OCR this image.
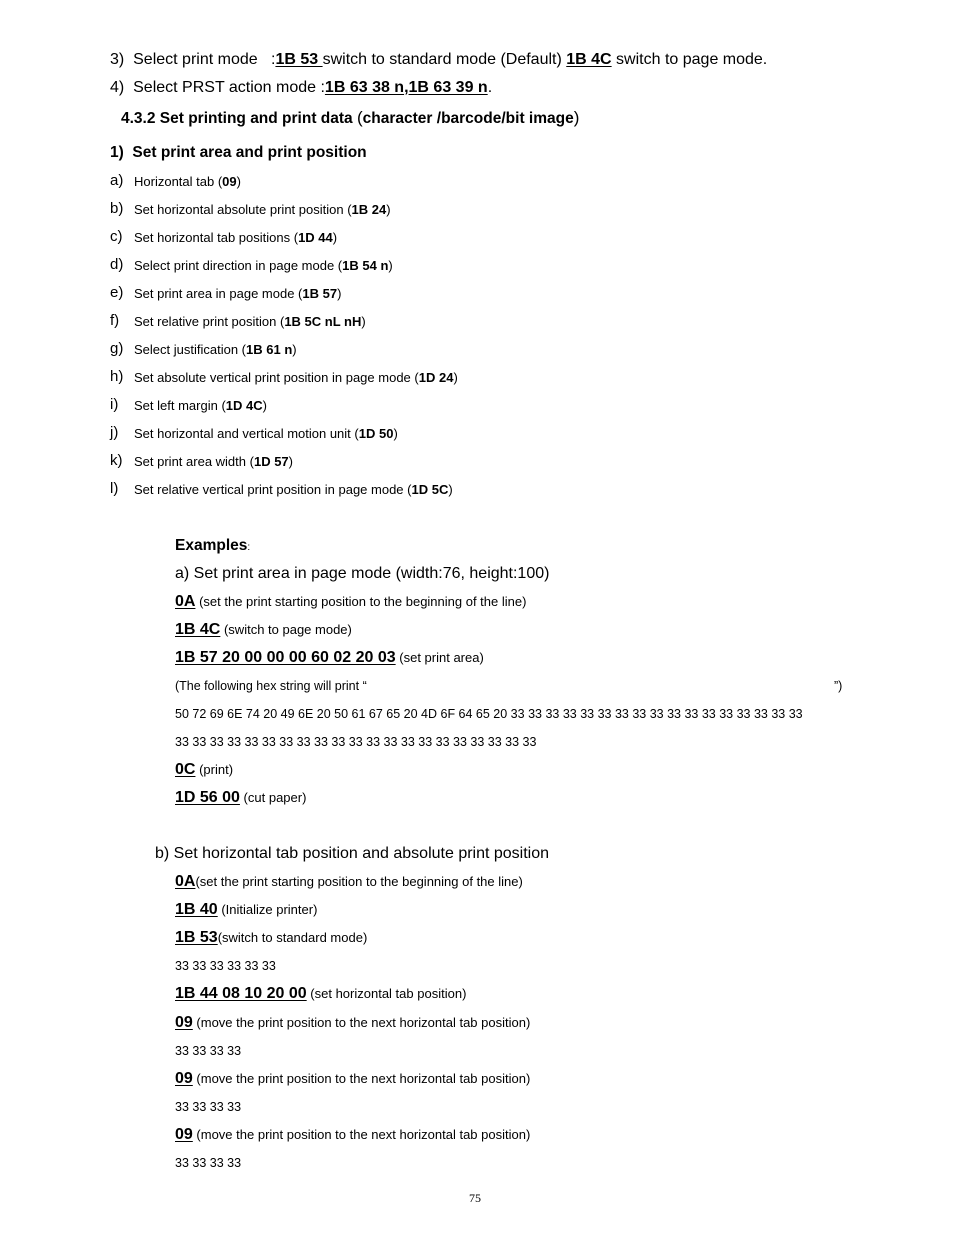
3) Select print mode :1B 53 switch to standard mode (Default) 1B 4C switch to page mode.
4) Select PRST action mode :1B 63 38 n,1B 63 39 n.
4.3.2 Set printing and print data (character /barcode/bit image)
1)  Set print area and print position
a) Horizontal tab (09)
b) Set horizontal absolute print position (1B 24)
c) Set horizontal tab positions (1D 44)
d) Select print direction in page mode (1B 54 n)
e) Set print area in page mode (1B 57)
f) Set relative print position (1B 5C nL nH)
g) Select justification (1B 61 n)
h) Set absolute vertical print position in page mode (1D 24)
i) Set left margin (1D 4C)
j) Set horizontal and vertical motion unit (1D 50)
k) Set print area width (1D 57)
l) Set relative vertical print position in page mode (1D 5C)
Examples:
a) Set print area in page mode (width:76, height:100)
0A (set the print starting position to the beginning of the line)
1B 4C (switch to page mode)
1B 57 20 00 00 00 60 02 20 03 (set print area)
(The following hex string will print “	”)
50 72 69 6E 74 20 49 6E 20 50 61 67 65 20 4D 6F 64 65 20 33 33 33 33 33 33 33 33 33 33 33 33 33 33 33 33 33
33 33 33 33 33 33 33 33 33 33 33 33 33 33 33 33 33 33 33 33 33
0C (print)
1D 56 00 (cut paper)
b) Set horizontal tab position and absolute print position
0A(set the print starting position to the beginning of the line)
1B 40 (Initialize printer)
1B 53(switch to standard mode)
33 33 33 33 33 33
1B 44 08 10 20 00 (set horizontal tab position)
09 (move the print position to the next horizontal tab position)
33 33 33 33
09 (move the print position to the next horizontal tab position)
33 33 33 33
09 (move the print position to the next horizontal tab position)
33 33 33 33
75
